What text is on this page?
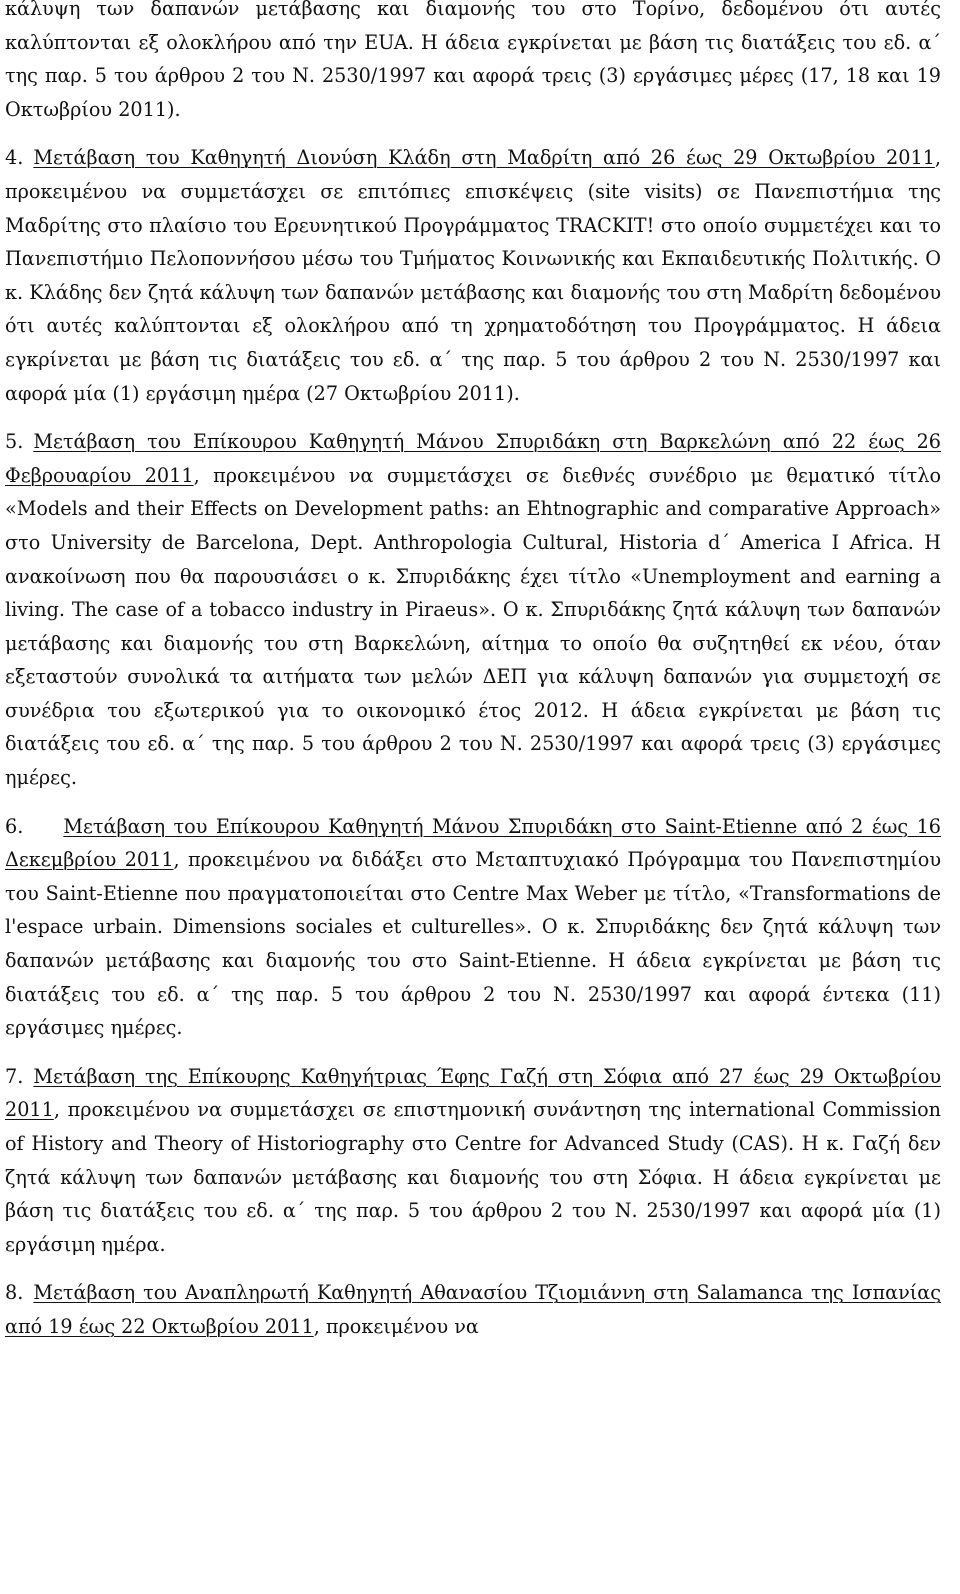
κάλυψη των δαπανών μετάβασης και διαμονής του στο Τορίνο, δεδομένου ότι αυτές καλύπτονται εξ ολοκλήρου από την EUA. Η άδεια εγκρίνεται με βάση τις διατάξεις του εδ. α΄ της παρ. 5 του άρθρου 2 του Ν. 2530/1997 και αφορά τρεις (3) εργάσιμες μέρες (17, 18 και 19 Οκτωβρίου 2011).

4. Μετάβαση του Καθηγητή Διονύση Κλάδη στη Μαδρίτη από 26 έως 29 Οκτωβρίου 2011, προκειμένου να συμμετάσχει σε επιτόπιες επισκέψεις (site visits) σε Πανεπιστήμια της Μαδρίτης στο πλαίσιο του Ερευνητικού Προγράμματος TRACKIT! στο οποίο συμμετέχει και το Πανεπιστήμιο Πελοποννήσου μέσω του Τμήματος Κοινωνικής και Εκπαιδευτικής Πολιτικής. Ο κ. Κλάδης δεν ζητά κάλυψη των δαπανών μετάβασης και διαμονής του στη Μαδρίτη δεδομένου ότι αυτές καλύπτονται εξ ολοκλήρου από τη χρηματοδότηση του Προγράμματος. Η άδεια εγκρίνεται με βάση τις διατάξεις του εδ. α΄ της παρ. 5 του άρθρου 2 του Ν. 2530/1997 και αφορά μία (1) εργάσιμη ημέρα (27 Οκτωβρίου 2011).

5. Μετάβαση του Επίκουρου Καθηγητή Μάνου Σπυριδάκη στη Βαρκελώνη από 22 έως 26 Φεβρουαρίου 2011, προκειμένου να συμμετάσχει σε διεθνές συνέδριο με θεματικό τίτλο «Models and their Effects on Development paths: an Ehtnographic and comparative Approach» στο University de Barcelona, Dept. Anthropologia Cultural, Historia d΄ America I Africa. Η ανακοίνωση που θα παρουσιάσει ο κ. Σπυριδάκης έχει τίτλο «Unemployment and earning a living. The case of a tobacco industry in Piraeus». Ο κ. Σπυριδάκης ζητά κάλυψη των δαπανών μετάβασης και διαμονής του στη Βαρκελώνη, αίτημα το οποίο θα συζητηθεί εκ νέου, όταν εξεταστούν συνολικά τα αιτήματα των μελών ΔΕΠ για κάλυψη δαπανών για συμμετοχή σε συνέδρια του εξωτερικού για το οικονομικό έτος 2012. Η άδεια εγκρίνεται με βάση τις διατάξεις του εδ. α΄ της παρ. 5 του άρθρου 2 του Ν. 2530/1997 και αφορά τρεις (3) εργάσιμες ημέρες.

6. Μετάβαση του Επίκουρου Καθηγητή Μάνου Σπυριδάκη στο Saint-Etienne από 2 έως 16 Δεκεμβρίου 2011, προκειμένου να διδάξει στο Μεταπτυχιακό Πρόγραμμα του Πανεπιστημίου του Saint-Etienne που πραγματοποιείται στο Centre Max Weber με τίτλο, «Transformations de l'espace urbain. Dimensions sociales et culturelles». Ο κ. Σπυριδάκης δεν ζητά κάλυψη των δαπανών μετάβασης και διαμονής του στο Saint-Etienne. Η άδεια εγκρίνεται με βάση τις διατάξεις του εδ. α΄ της παρ. 5 του άρθρου 2 του Ν. 2530/1997 και αφορά έντεκα (11) εργάσιμες ημέρες.

7. Μετάβαση της Επίκουρης Καθηγήτριας Έφης Γαζή στη Σόφια από 27 έως 29 Οκτωβρίου 2011, προκειμένου να συμμετάσχει σε επιστημονική συνάντηση της international Commission of History and Theory of Historiography στο Centre for Advanced Study (CAS). Η κ. Γαζή δεν ζητά κάλυψη των δαπανών μετάβασης και διαμονής του στη Σόφια. Η άδεια εγκρίνεται με βάση τις διατάξεις του εδ. α΄ της παρ. 5 του άρθρου 2 του Ν. 2530/1997 και αφορά μία (1) εργάσιμη ημέρα.

8. Μετάβαση του Αναπληρωτή Καθηγητή Αθανασίου Τζιομιάννη στη Salamanca της Ισπανίας από 19 έως 22 Οκτωβρίου 2011, προκειμένου να
